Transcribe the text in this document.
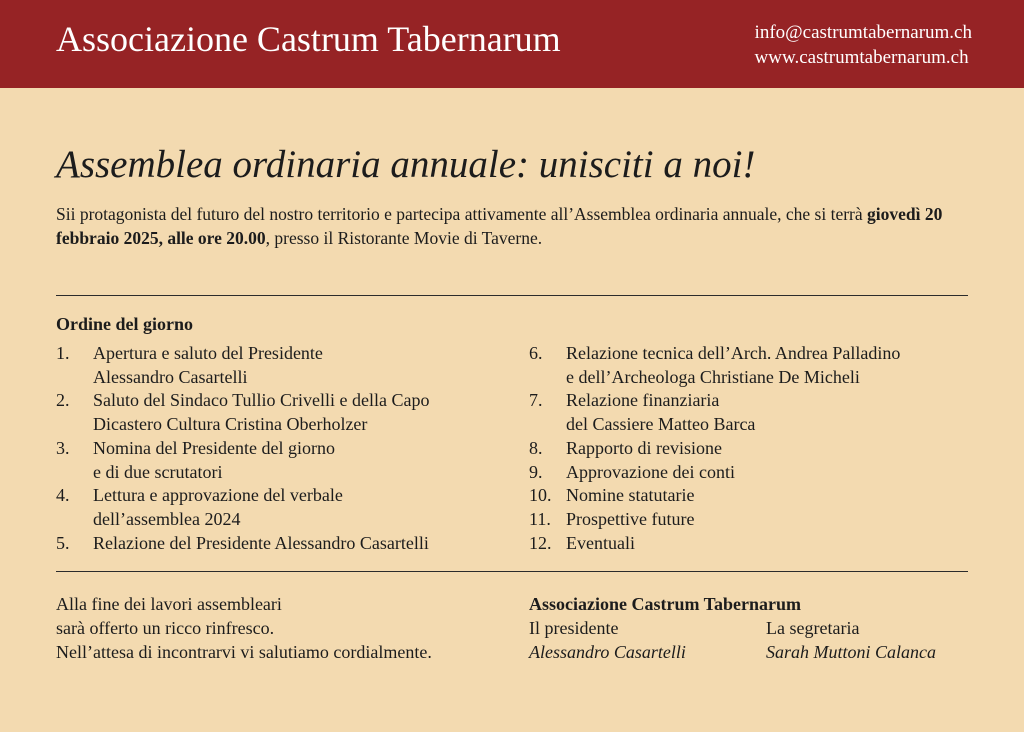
Associazione Castrum Tabernarum	info@castrumtabernarum.ch
www.castrumtabernarum.ch
Assemblea ordinaria annuale: unisciti a noi!
Sii protagonista del futuro del nostro territorio e partecipa attivamente all’Assemblea ordinaria annuale, che si terrà giovedì 20 febbraio 2025, alle ore 20.00, presso il Ristorante Movie di Taverne.
Ordine del giorno
1.	Apertura e saluto del Presidente
Alessandro Casartelli
2.	Saluto del Sindaco Tullio Crivelli e della Capo
Dicastero Cultura Cristina Oberholzer
3.	Nomina del Presidente del giorno
e di due scrutatori
4.	Lettura e approvazione del verbale
dell’assemblea 2024
5.	Relazione del Presidente Alessandro Casartelli
6.	Relazione tecnica dell’Arch. Andrea Palladino
e dell’Archeologa Christiane De Micheli
7.	Relazione finanziaria
del Cassiere Matteo Barca
8.	Rapporto di revisione
9.	Approvazione dei conti
10. Nomine statutarie
11. Prospettive future
12. Eventuali
Alla fine dei lavori assembleari
sarà offerto un ricco rinfresco.
Nell’attesa di incontrarvi vi salutiamo cordialmente.
Associazione Castrum Tabernarum
Il presidente	La segretaria
Alessandro Casartelli	Sarah Muttoni Calanca
